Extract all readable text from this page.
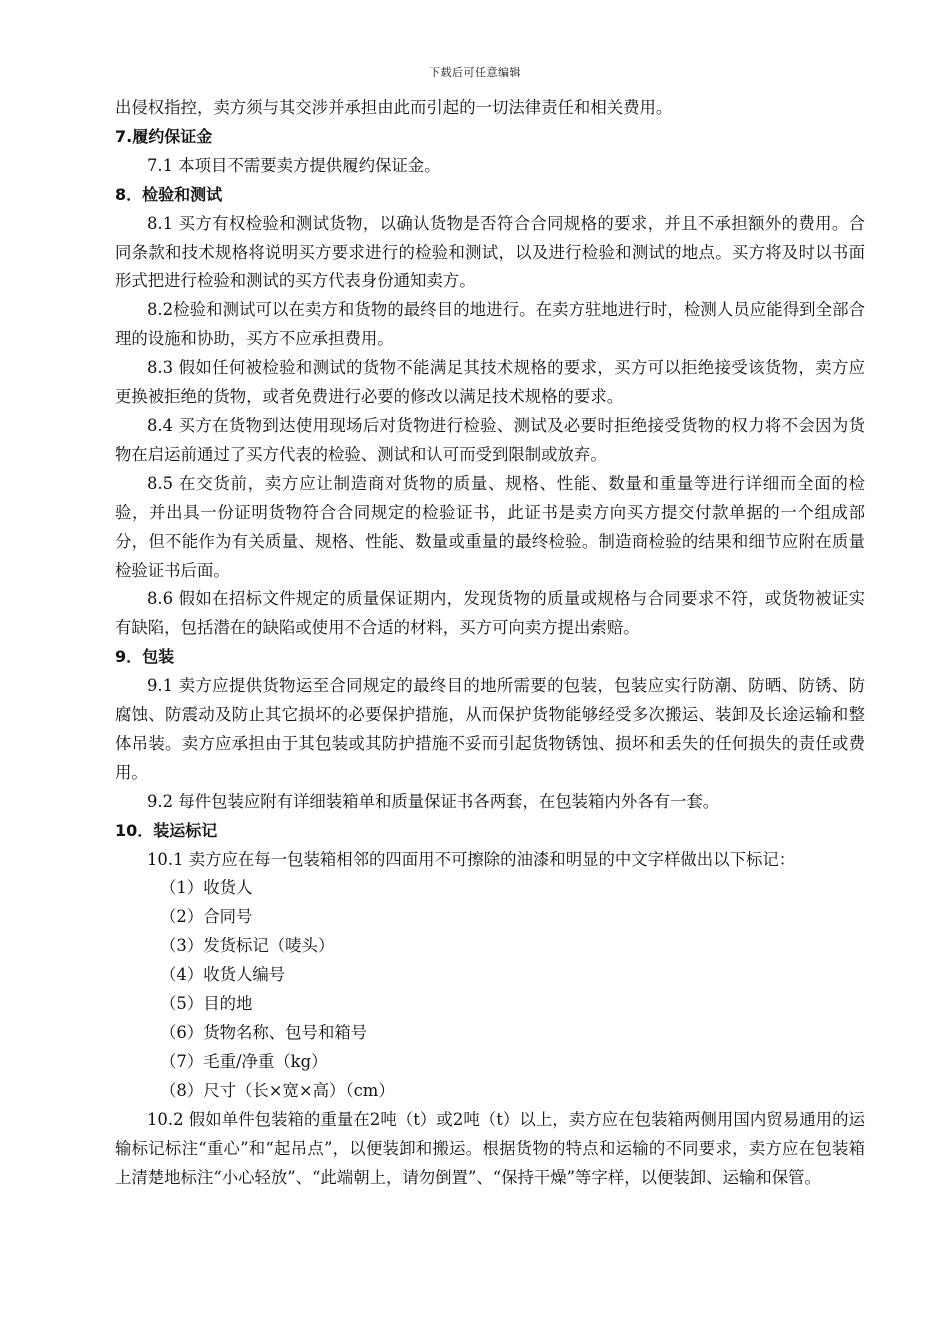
下载后可任意编辑

出侵权指控，卖方须与其交涉并承担由此而引起的一切法律责任和相关费用。

7.履约保证金

7.1 本项目不需要卖方提供履约保证金。

8．检验和测试

8.1 买方有权检验和测试货物，以确认货物是否符合合同规格的要求，并且不承担额外的费用。合同条款和技术规格将说明买方要求进行的检验和测试，以及进行检验和测试的地点。买方将及时以书面形式把进行检验和测试的买方代表身份通知卖方。

8.2检验和测试可以在卖方和货物的最终目的地进行。在卖方驻地进行时，检测人员应能得到全部合理的设施和协助，买方不应承担费用。

8.3 假如任何被检验和测试的货物不能满足其技术规格的要求，买方可以拒绝接受该货物，卖方应更换被拒绝的货物，或者免费进行必要的修改以满足技术规格的要求。

8.4 买方在货物到达使用现场后对货物进行检验、测试及必要时拒绝接受货物的权力将不会因为货物在启运前通过了买方代表的检验、测试和认可而受到限制或放弃。

8.5 在交货前，卖方应让制造商对货物的质量、规格、性能、数量和重量等进行详细而全面的检验，并出具一份证明货物符合合同规定的检验证书，此证书是卖方向买方提交付款单据的一个组成部分，但不能作为有关质量、规格、性能、数量或重量的最终检验。制造商检验的结果和细节应附在质量检验证书后面。

8.6 假如在招标文件规定的质量保证期内，发现货物的质量或规格与合同要求不符，或货物被证实有缺陷，包括潜在的缺陷或使用不合适的材料，买方可向卖方提出索赔。

9．包装

9.1 卖方应提供货物运至合同规定的最终目的地所需要的包装，包装应实行防潮、防晒、防锈、防腐蚀、防震动及防止其它损坏的必要保护措施，从而保护货物能够经受多次搬运、装卸及长途运输和整体吊装。卖方应承担由于其包装或其防护措施不妥而引起货物锈蚀、损坏和丢失的任何损失的责任或费用。

9.2 每件包装应附有详细装箱单和质量保证书各两套，在包装箱内外各有一套。

10．装运标记

10.1 卖方应在每一包装箱相邻的四面用不可擦除的油漆和明显的中文字样做出以下标记：

（1）收货人

（2）合同号

（3）发货标记（唛头）

（4）收货人编号

（5）目的地

（6）货物名称、包号和箱号

（7）毛重/净重（kg）

（8）尺寸（长×宽×高）（cm）

10.2 假如单件包装箱的重量在2吨（t）或2吨（t）以上，卖方应在包装箱两侧用国内贸易通用的运输标记标注“重心”和“起吊点”，以便装卸和搬运。根据货物的特点和运输的不同要求，卖方应在包装箱上清楚地标注“小心轻放”、“此端朝上，请勿倒置”、“保持干燥”等字样，以便装卸、运输和保管。
